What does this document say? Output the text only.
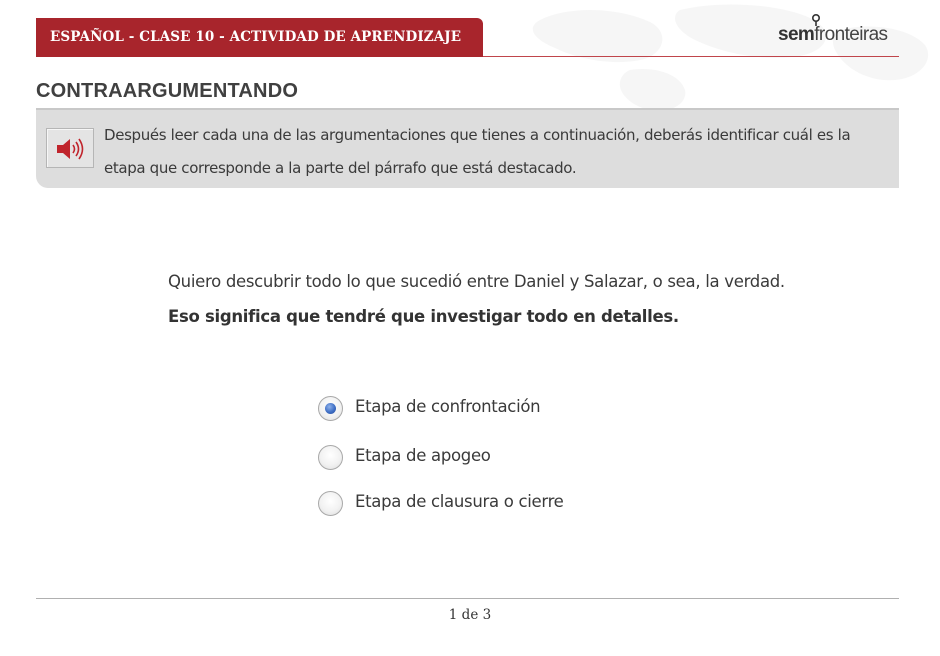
ESPAÑOL - CLASE 10 - ACTIVIDAD DE APRENDIZAJE	semfronteiras
CONTRAARGUMENTANDO
Después leer cada una de las argumentaciones que tienes a continuación, deberás identificar cuál es la etapa que corresponde a la parte del párrafo que está destacado.
Quiero descubrir todo lo que sucedió entre Daniel y Salazar, o sea, la verdad. Eso significa que tendré que investigar todo en detalles.
Etapa de confrontación
Etapa de apogeo
Etapa de clausura o cierre
1 de 3
